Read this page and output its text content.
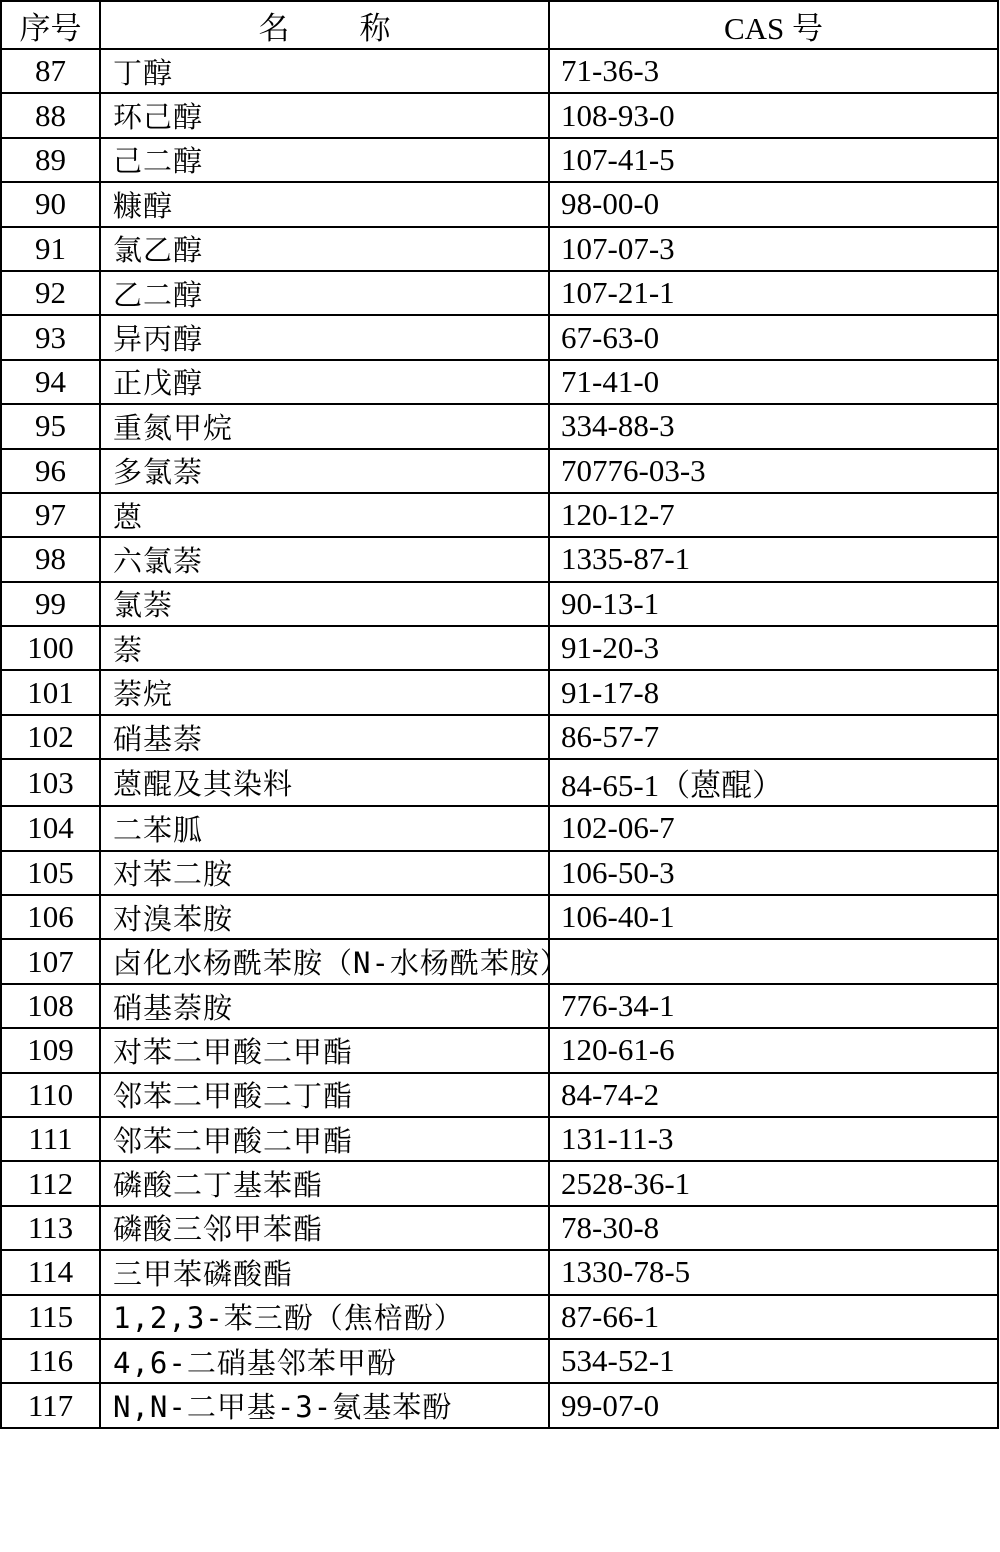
序号	名称	CAS 号
87	丁醇	71-36-3
88	环己醇	108-93-0
89	己二醇	107-41-5
90	糠醇	98-00-0
91	氯乙醇	107-07-3
92	乙二醇	107-21-1
93	异丙醇	67-63-0
94	正戊醇	71-41-0
95	重氮甲烷	334-88-3
96	多氯萘	70776-03-3
97	蒽	120-12-7
98	六氯萘	1335-87-1
99	氯萘	90-13-1
100	萘	91-20-3
101	萘烷	91-17-8
102	硝基萘	86-57-7
103	蒽醌及其染料	84-65-1（蒽醌）
104	二苯胍	102-06-7
105	对苯二胺	106-50-3
106	对溴苯胺	106-40-1
107	卤化水杨酰苯胺（N-水杨酰苯胺）	
108	硝基萘胺	776-34-1
109	对苯二甲酸二甲酯	120-61-6
110	邻苯二甲酸二丁酯	84-74-2
111	邻苯二甲酸二甲酯	131-11-3
112	磷酸二丁基苯酯	2528-36-1
113	磷酸三邻甲苯酯	78-30-8
114	三甲苯磷酸酯	1330-78-5
115	1,2,3-苯三酚（焦棓酚）	87-66-1
116	4,6-二硝基邻苯甲酚	534-52-1
117	N,N-二甲基-3-氨基苯酚	99-07-0
